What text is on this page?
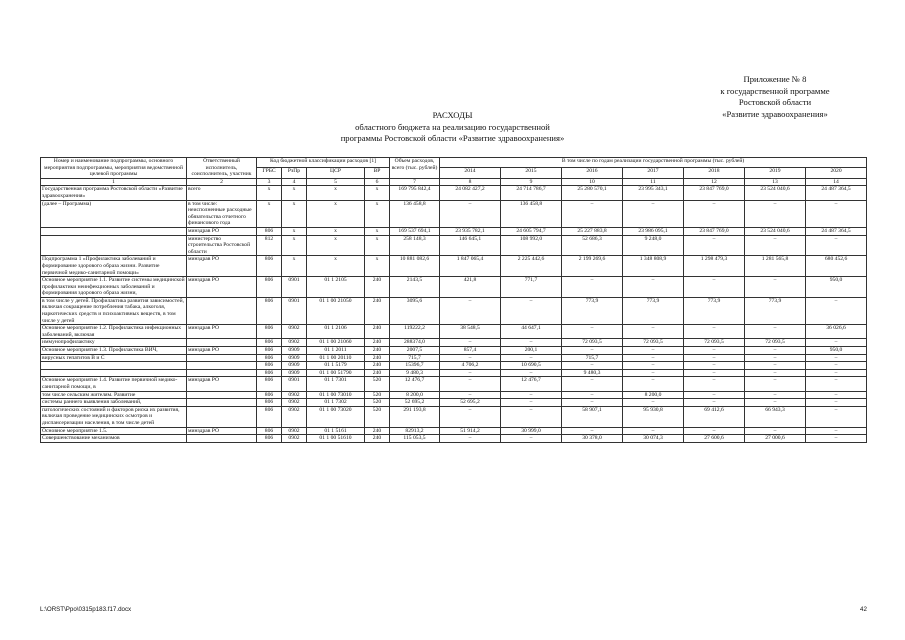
Приложение № 8
к государственной программе
Ростовской области
«Развитие здравоохранения»
РАСХОДЫ
областного бюджета на реализацию государственной
программы Ростовской области «Развитие здравоохранения»
Номер и наименование подпрограммы, основного мероприятия подпрограммы, мероприятия ведомственной целевой программы	Ответственный исполнитель, соисполнитель, участник	Код бюджетной классификации расходов [1]				Объем расходов, всего (тыс. рублей)	В том числе по годам реализации государственной программы (тыс. рублей)						
		ГРБС	РзПр	ЦСР	ВР		2014	2015	2016	2017	2018	2019	2020
1	2	3	4	5	6	7	8	9	10	11	12	13	14
Государственная программа Ростовской области «Развитие здравоохранения»	всего	х	х	х	х	169 795 842,4	24 082 427,2	24 714 786,7	25 280 570,1	23 995 343,1	23 847 769,0	23 524 040,6	24 487 364,5
(далее – Программа)	в том числе: неисполненные расходные обязательства отчетного финансового года	х	х	х	х	136 458,8	–	136 458,8	–	–	–	–	–
	минздрав РО	806	х	х	х	169 537 694,1	23 935 782,1	24 605 794,7	25 227 883,8	23 986 095,1	23 847 769,0	23 524 040,6	24 487 364,5
	министерство строительства Ростовской области	812	х	х	х	258 148,3	146 645,1	108 992,0	52 686,3	9 248,0	–	–	–
Подпрограмма 1 «Профилактика заболеваний и формирование здорового образа жизни. Развитие первичной медико-санитарной помощи»	минздрав РО	806	х	х	х	10 881 082,6	1 847 065,4	2 225 442,6	2 199 269,6	1 348 808,9	1 298 479,3	1 281 565,8	680 452,6
Основное мероприятие 1.1. Развитие системы медицинской профилактики неинфекционных заболеваний и формирования здорового образа жизни,	минздрав РО	806	0901	01 1 2105	240	2143,5	421,8	771,7	–	–	–	–	950,0
в том числе у детей. Профилактика развития зависимостей, включая сокращение потребления табака, алкоголя, наркотических средств и психоактивных веществ, в том числе у детей		806	0901	01 1 00 21050	240	3095,6	–	–	773,9	773,9	773,9	773,9	–
Основное мероприятие 1.2. Профилактика инфекционных заболеваний, включая	минздрав РО	806	0902	01 1 2106	240	119222,2	38 548,5	44 647,1	–	–	–	–	36 026,6
иммунопрофилактику		806	0902	01 1 00 21060	240	288374,0	–	–	72 093,5	72 093,5	72 093,5	72 093,5	–
Основное мероприятие 1.3. Профилактика ВИЧ,	минздрав РО	806	0909	01 1 2011	240	2007,5	857,4	200,1	–	–	–	–	950,0
вирусных гепатитов В и С		806	0909	01 1 00 20110	240	715,7	–	–	715,7	–	–	–	–
		806	0909	01 1 5179	240	15396,7	4 706,2	10 690,5	–	–	–	–	–
		806	0909	01 1 00 51790	240	9 480,3	–	–	9 480,3	–	–	–	–
Основное мероприятие 1.4. Развитие первичной медико-санитарной помощи, в	минздрав РО	806	0901	01 1 7301	520	12 476,7	–	12 476,7	–	–	–	–	–
том числе сельским жителям. Развитие		806	0902	01 1 00 73010	520	8 200,0	–	–	–	8 200,0	–	–	–
системы раннего выявления заболеваний,		806	0902	01 1 7302	520	52 695,2	52 695,2	–	–	–	–	–	–
патологических состояний и факторов риска их развития, включая проведение медицинских осмотров и диспансеризации населения, в том числе детей		806	0902	01 1 00 73020	520	291 193,8	–	–	58 907,1	95 930,8	69 412,6	66 943,3	–
Основное мероприятие 1.5.	минздрав РО	806	0902	01 1 5161	240	82913,2	51 914,2	30 999,0	–	–	–	–	–
Совершенствование механизмов		806	0902	01 1 00 51610	240	115 053,5	–	–	30 378,0	30 074,3	27 600,6	27 000,6	–
L:\ORST\Ppo\0315p183.f17.docx	42
